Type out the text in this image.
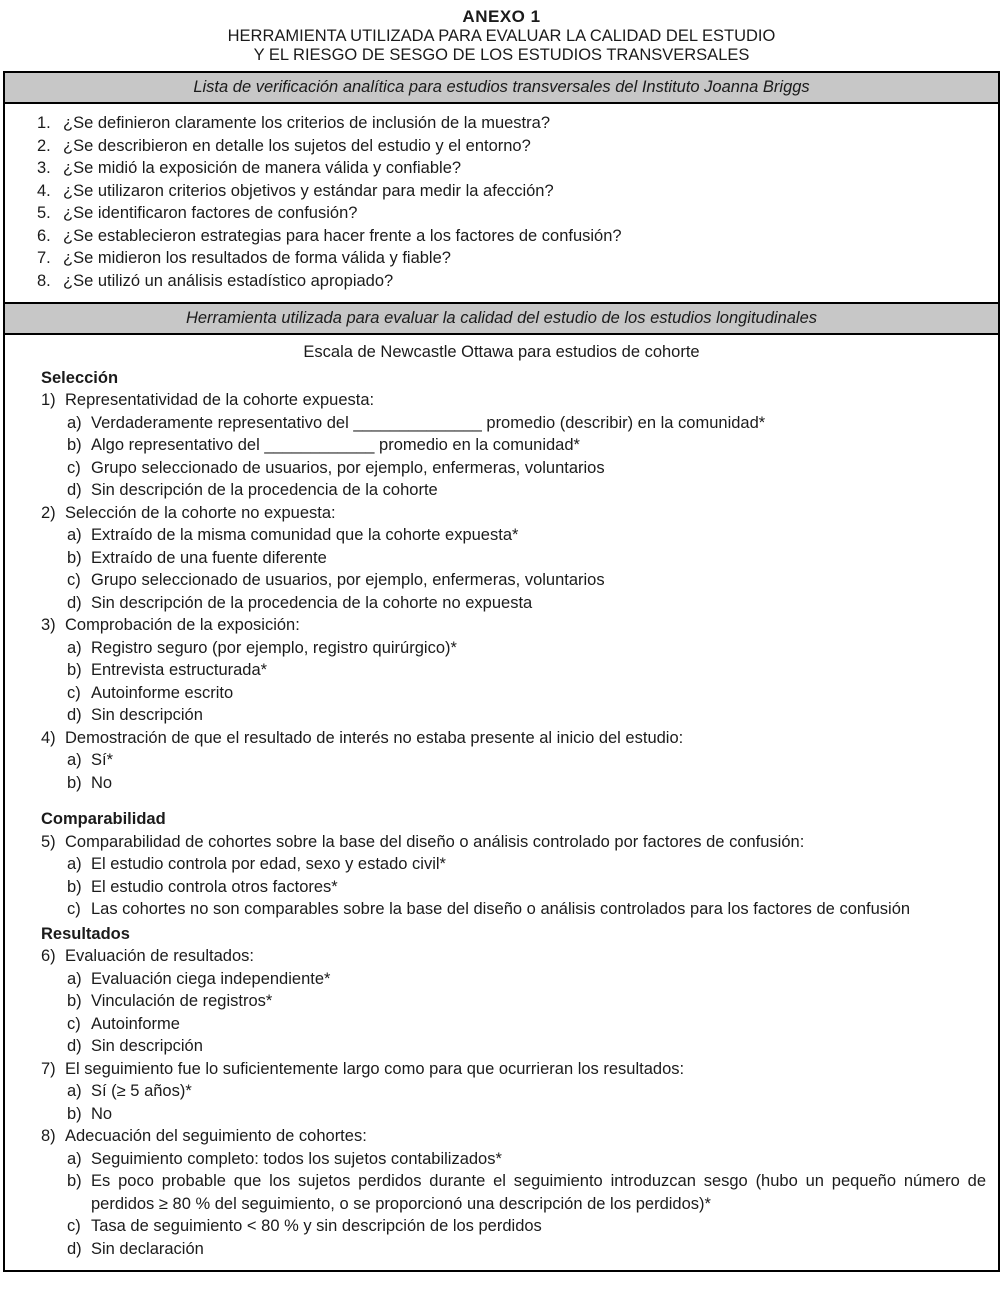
ANEXO 1
HERRAMIENTA UTILIZADA PARA EVALUAR LA CALIDAD DEL ESTUDIO
Y EL RIESGO DE SESGO DE LOS ESTUDIOS TRANSVERSALES
Lista de verificación analítica para estudios transversales del Instituto Joanna Briggs
1. ¿Se definieron claramente los criterios de inclusión de la muestra?
2. ¿Se describieron en detalle los sujetos del estudio y el entorno?
3. ¿Se midió la exposición de manera válida y confiable?
4. ¿Se utilizaron criterios objetivos y estándar para medir la afección?
5. ¿Se identificaron factores de confusión?
6. ¿Se establecieron estrategias para hacer frente a los factores de confusión?
7. ¿Se midieron los resultados de forma válida y fiable?
8. ¿Se utilizó un análisis estadístico apropiado?
Herramienta utilizada para evaluar la calidad del estudio de los estudios longitudinales
Escala de Newcastle Ottawa para estudios de cohorte
Selección
1) Representatividad de la cohorte expuesta:
a) Verdaderamente representativo del ______________ promedio (describir) en la comunidad*
b) Algo representativo del ____________ promedio en la comunidad*
c) Grupo seleccionado de usuarios, por ejemplo, enfermeras, voluntarios
d) Sin descripción de la procedencia de la cohorte
2) Selección de la cohorte no expuesta:
a) Extraído de la misma comunidad que la cohorte expuesta*
b) Extraído de una fuente diferente
c) Grupo seleccionado de usuarios, por ejemplo, enfermeras, voluntarios
d) Sin descripción de la procedencia de la cohorte no expuesta
3) Comprobación de la exposición:
a) Registro seguro (por ejemplo, registro quirúrgico)*
b) Entrevista estructurada*
c) Autoinforme escrito
d) Sin descripción
4) Demostración de que el resultado de interés no estaba presente al inicio del estudio:
a) Sí*
b) No
Comparabilidad
5) Comparabilidad de cohortes sobre la base del diseño o análisis controlado por factores de confusión:
a) El estudio controla por edad, sexo y estado civil*
b) El estudio controla otros factores*
c) Las cohortes no son comparables sobre la base del diseño o análisis controlados para los factores de confusión
Resultados
6) Evaluación de resultados:
a) Evaluación ciega independiente*
b) Vinculación de registros*
c) Autoinforme
d) Sin descripción
7) El seguimiento fue lo suficientemente largo como para que ocurrieran los resultados:
a) Sí (≥ 5 años)*
b) No
8) Adecuación del seguimiento de cohortes:
a) Seguimiento completo: todos los sujetos contabilizados*
b) Es poco probable que los sujetos perdidos durante el seguimiento introduzcan sesgo (hubo un pequeño número de perdidos ≥ 80 % del seguimiento, o se proporcionó una descripción de los perdidos)*
c) Tasa de seguimiento < 80 % y sin descripción de los perdidos
d) Sin declaración
